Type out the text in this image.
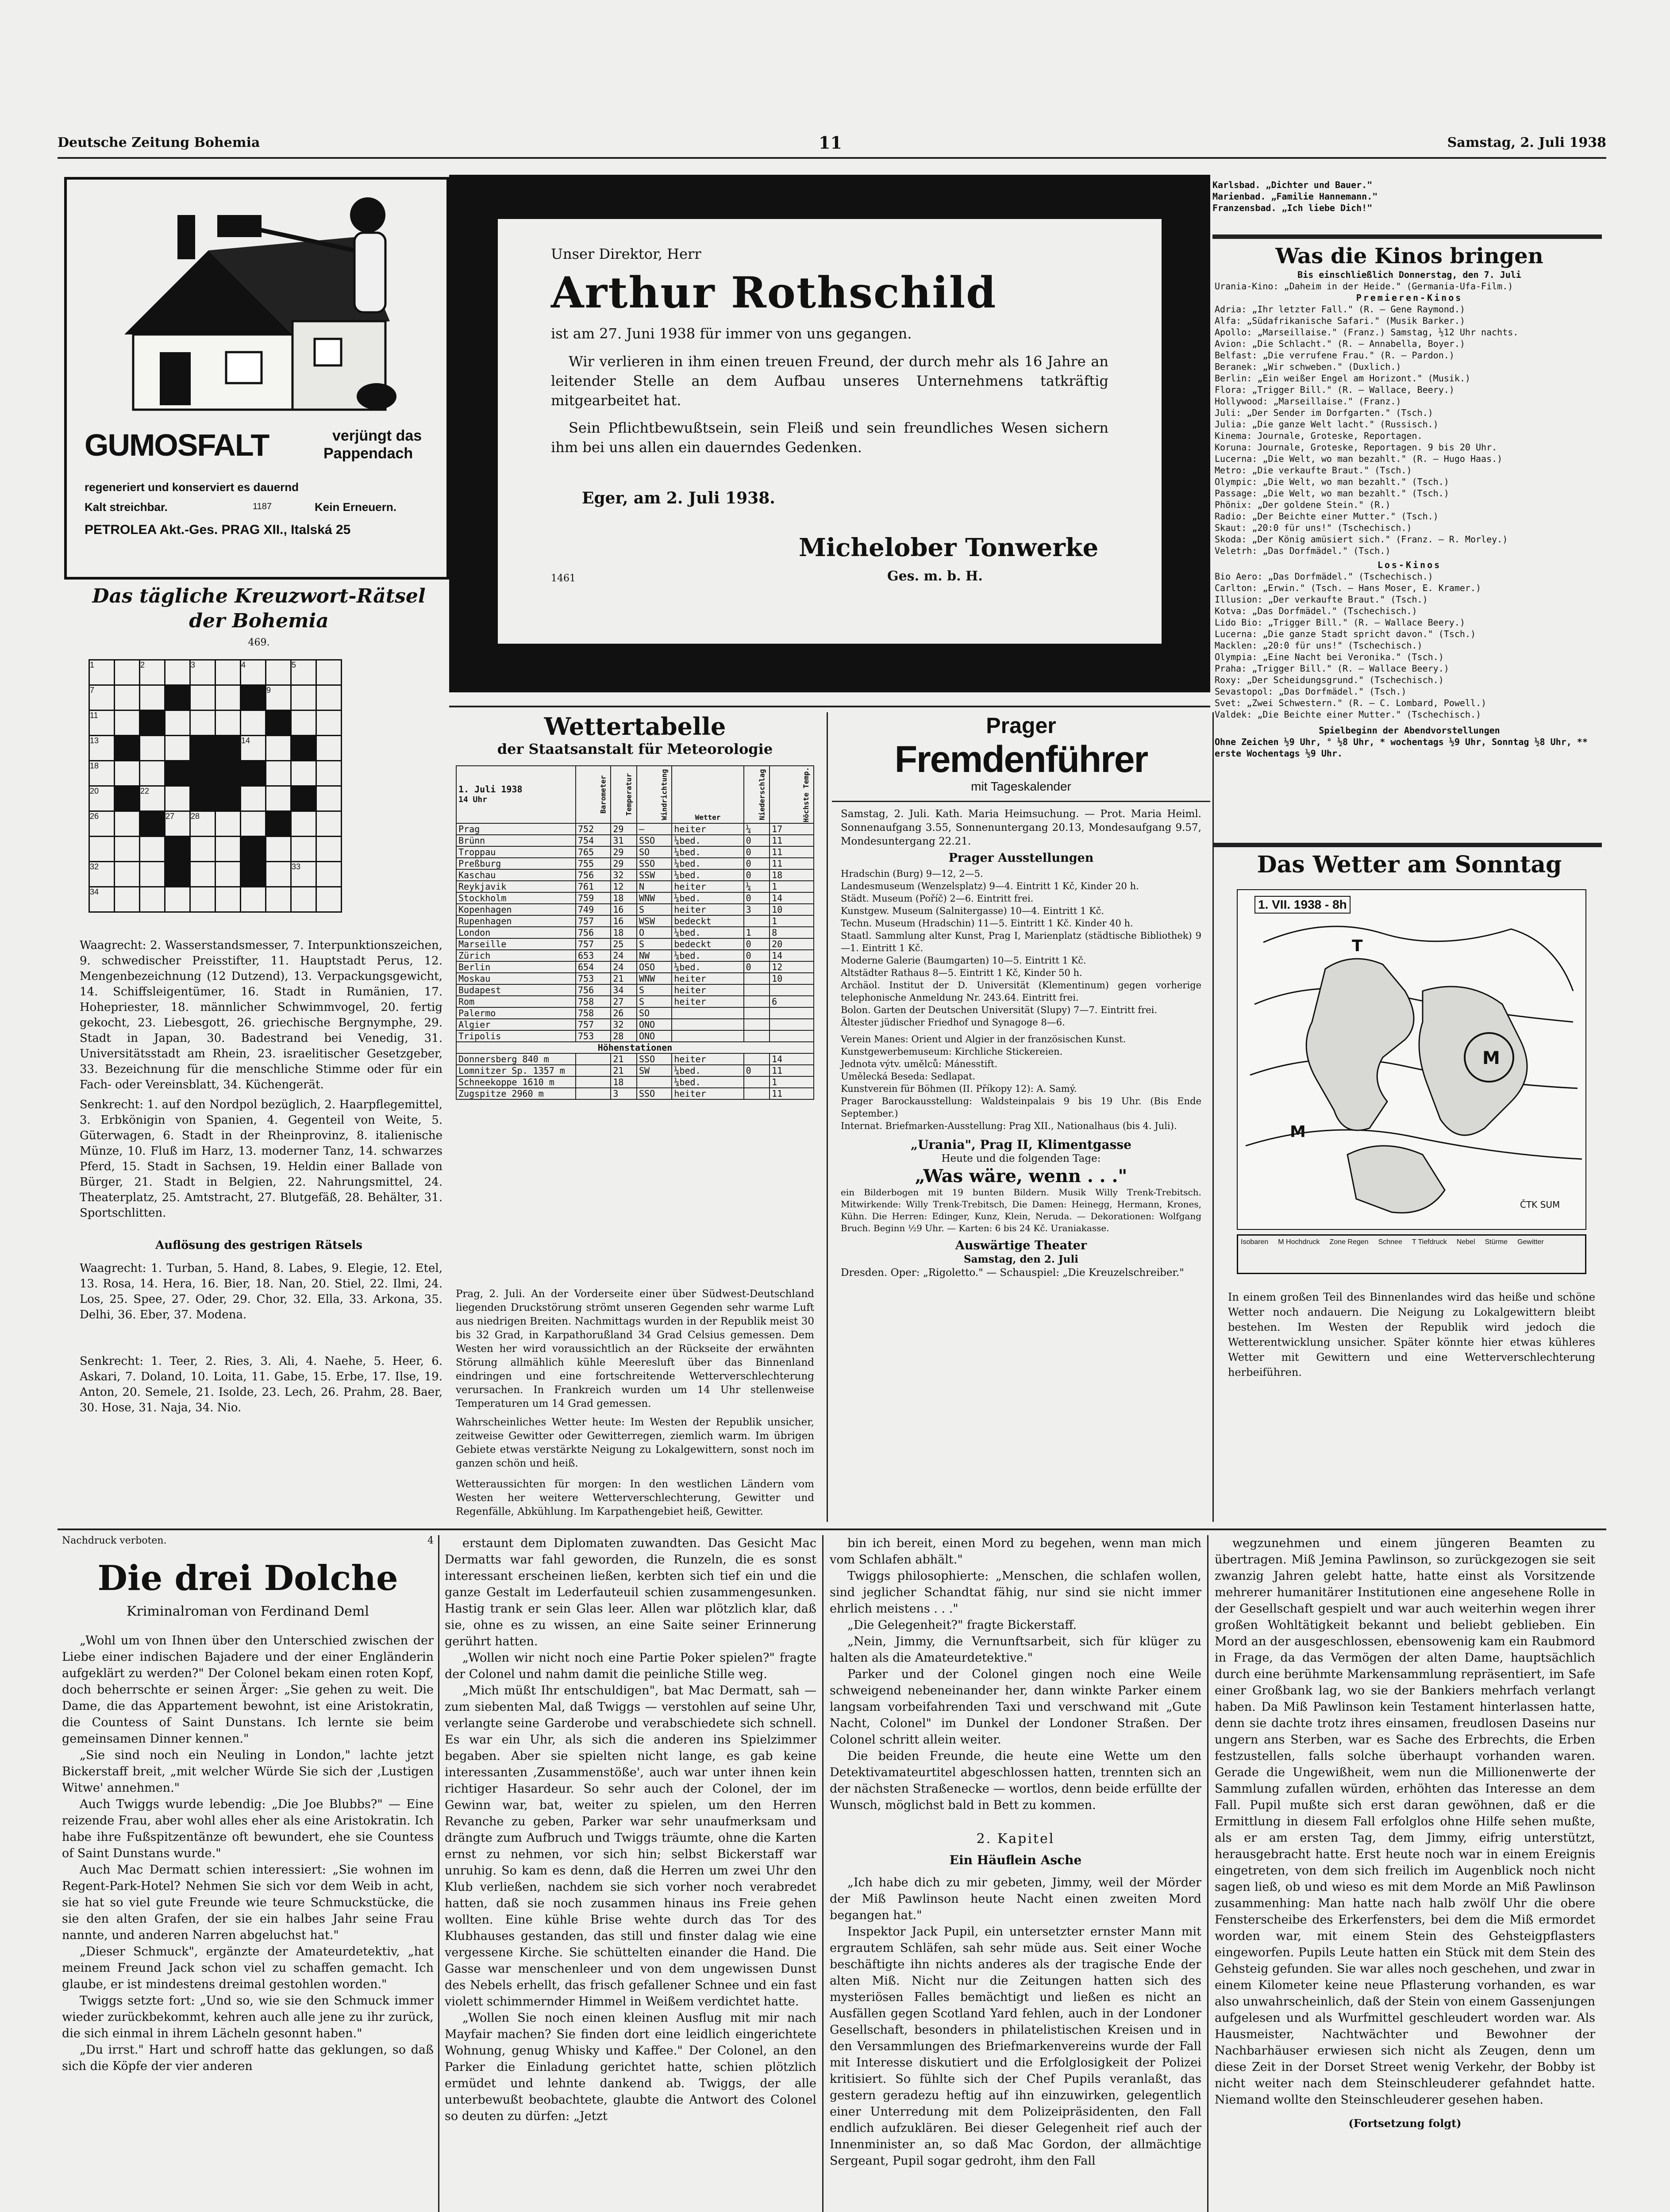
Deutsche Zeitung Bohemia	11	Samstag, 2. Juli 1938
GUMOSFALT	verjüngt das
Pappendach
regeneriert und konserviert es dauernd
Kalt streichbar.	1187	Kein Erneuern.
PETROLEA Akt.-Ges. PRAG XII., Italská 25
Das tägliche Kreuzwort-Rätsel der Bohemia
469.
1		2		3		4		5	
7							9		
11									
13						14			
18									
20	21	22							
26			27	28					

32								33	
34									

Waagrecht: 2. Wasserstandsmesser, 7. Interpunktionszeichen, 9. schwedischer Preisstifter, 11. Hauptstadt Perus, 12. Mengenbezeichnung (12 Dutzend), 13. Verpackungsgewicht, 14. Schiffsleigentümer, 16. Stadt in Rumänien, 17. Hohepriester, 18. männlicher Schwimmvogel, 20. fertig gekocht, 23. Liebesgott, 26. griechische Bergnymphe, 29. Stadt in Japan, 30. Badestrand bei Venedig, 31. Universitätsstadt am Rhein, 23. israelitischer Gesetzgeber, 33. Bezeichnung für die menschliche Stimme oder für ein Fach- oder Vereinsblatt, 34. Küchengerät.

Senkrecht: 1. auf den Nordpol bezüglich, 2. Haarpflegemittel, 3. Erbkönigin von Spanien, 4. Gegenteil von Weite, 5. Güterwagen, 6. Stadt in der Rheinprovinz, 8. italienische Münze, 10. Fluß im Harz, 13. moderner Tanz, 14. schwarzes Pferd, 15. Stadt in Sachsen, 19. Heldin einer Ballade von Bürger, 21. Stadt in Belgien, 22. Nahrungsmittel, 24. Theaterplatz, 25. Amtstracht, 27. Blutgefäß, 28. Behälter, 31. Sportschlitten.

Auflösung des gestrigen Rätsels

Waagrecht: 1. Turban, 5. Hand, 8. Labes, 9. Elegie, 12. Etel, 13. Rosa, 14. Hera, 16. Bier, 18. Nan, 20. Stiel, 22. Ilmi, 24. Los, 25. Spee, 27. Oder, 29. Chor, 32. Ella, 33. Arkona, 35. Delhi, 36. Eber, 37. Modena.

Senkrecht: 1. Teer, 2. Ries, 3. Ali, 4. Naehe, 5. Heer, 6. Askari, 7. Doland, 10. Loita, 11. Gabe, 15. Erbe, 17. Ilse, 19. Anton, 20. Semele, 21. Isolde, 23. Lech, 26. Prahm, 28. Baer, 30. Hose, 31. Naja, 34. Nio.

Unser Direktor, Herr
Arthur Rothschild
ist am 27. Juni 1938 für immer von uns gegangen.

Wir verlieren in ihm einen treuen Freund, der durch mehr als 16 Jahre an leitender Stelle an dem Aufbau unseres Unternehmens tatkräftig mitgearbeitet hat.

Sein Pflichtbewußtsein, sein Fleiß und sein freundliches Wesen sichern ihm bei uns allen ein dauerndes Gedenken.

Eger, am 2. Juli 1938.
Michelober Tonwerke
Ges. m. b. H.
1461
Karlsbad. „Dichter und Bauer."
Marienbad. „Familie Hannemann."
Franzensbad. „Ich liebe Dich!"
Was die Kinos bringen
Bis einschließlich Donnerstag, den 7. Juli
Urania-Kino: „Daheim in der Heide." (Germania-Ufa-Film.)
Premieren-Kinos

Adria: „Ihr letzter Fall." (R. — Gene Raymond.)

Alfa: „Südafrikanische Safari." (Musik Barker.)

Apollo: „Marseillaise." (Franz.) Samstag, ½12 Uhr nachts.

Avion: „Die Schlacht." (R. — Annabella, Boyer.)

Belfast: „Die verrufene Frau." (R. — Pardon.)

Beranek: „Wir schweben." (Duxlich.)

Berlin: „Ein weißer Engel am Horizont." (Musik.)

Flora: „Trigger Bill." (R. — Wallace, Beery.)

Hollywood: „Marseillaise." (Franz.)

Juli: „Der Sender im Dorfgarten." (Tsch.)

Julia: „Die ganze Welt lacht." (Russisch.)

Kinema: Journale, Groteske, Reportagen.

Koruna: Journale, Groteske, Reportagen. 9 bis 20 Uhr.

Lucerna: „Die Welt, wo man bezahlt." (R. — Hugo Haas.)

Metro: „Die verkaufte Braut." (Tsch.)

Olympic: „Die Welt, wo man bezahlt." (Tsch.)

Passage: „Die Welt, wo man bezahlt." (Tsch.)

Phönix: „Der goldene Stein." (R.)

Radio: „Der Beichte einer Mutter." (Tsch.)

Skaut: „20:0 für uns!" (Tschechisch.)

Skoda: „Der König amüsiert sich." (Franz. — R. Morley.)

Veletrh: „Das Dorfmädel." (Tsch.)

Los-Kinos

Bio Aero: „Das Dorfmädel." (Tschechisch.)

Carlton: „Erwin." (Tsch. — Hans Moser, E. Kramer.)

Illusion: „Der verkaufte Braut." (Tsch.)

Kotva: „Das Dorfmädel." (Tschechisch.)

Lido Bio: „Trigger Bill." (R. — Wallace Beery.)

Lucerna: „Die ganze Stadt spricht davon." (Tsch.)

Macklen: „20:0 für uns!" (Tschechisch.)

Olympia: „Eine Nacht bei Veronika." (Tsch.)

Praha: „Trigger Bill." (R. — Wallace Beery.)

Roxy: „Der Scheidungsgrund." (Tschechisch.)

Sevastopol: „Das Dorfmädel." (Tsch.)

Svet: „Zwei Schwestern." (R. — C. Lombard, Powell.)

Valdek: „Die Beichte einer Mutter." (Tschechisch.)

Spielbeginn der Abendvorstellungen
Ohne Zeichen ½9 Uhr, ° ½8 Uhr, * wochentags ½9 Uhr, Sonntag ½8 Uhr, ** erste Wochentags ½9 Uhr.
Das Wetter am Sonntag
M
M
T
ČTK SUM
1. VII. 1938 - 8h
Isobaren M Hochdruck Zone Regen Schnee T Tiefdruck Nebel Stürme Gewitter

In einem großen Teil des Binnenlandes wird das heiße und schöne Wetter noch andauern. Die Neigung zu Lokalgewittern bleibt bestehen. Im Westen der Republik wird jedoch die Wetterentwicklung unsicher. Später könnte hier etwas kühleres Wetter mit Gewittern und eine Wetterverschlechterung herbeiführen.

Wettertabelle
der Staatsanstalt für Meteorologie
1. Juli 1938
14 Uhr	Barometer	Temperatur	Windrichtung	Wetter	Niederschlag	Höchste Temp.
Prag	752	29	—	heiter	¼	17
Brünn	754	31	SSO	¼bed.	0	11
Troppau	765	29	SO	¼bed.	0	11
Preßburg	755	29	SSO	¼bed.	0	11
Kaschau	756	32	SSW	¼bed.	0	18
Reykjavik	761	12	N	heiter	¼	1
Stockholm	759	18	WNW	¼bed.	0	14
Kopenhagen	749	16	S	heiter	3	10
Rupenhagen	757	16	WSW	bedeckt		1
London	756	18	O	¼bed.	1	8
Marseille	757	25	S	bedeckt	0	20
Zürich	653	24	NW	¼bed.	0	14
Berlin	654	24	OSO	¼bed.	0	12
Moskau	753	21	WNW	heiter		10
Budapest	756	34	S	heiter		
Rom	758	27	S	heiter		6
Palermo	758	26	SO			
Algier	757	32	ONO			
Tripolis	753	28	ONO			
Höhenstationen						
Donnersberg 840 m		21	SSO	heiter		14
Lomnitzer Sp. 1357 m		21	SW	¼bed.	0	11
Schneekoppe 1610 m		18		¼bed.		1
Zugspitze 2960 m		3	SSO	heiter		11

Prag, 2. Juli. An der Vorderseite einer über Südwest-Deutschland liegenden Druckstörung strömt unseren Gegenden sehr warme Luft aus niedrigen Breiten. Nachmittags wurden in der Republik meist 30 bis 32 Grad, in Karpathorußland 34 Grad Celsius gemessen. Dem Westen her wird voraussichtlich an der Rückseite der erwähnten Störung allmählich kühle Meeresluft über das Binnenland eindringen und eine fortschreitende Wetterverschlechterung verursachen. In Frankreich wurden um 14 Uhr stellenweise Temperaturen um 14 Grad gemessen.

Wahrscheinliches Wetter heute: Im Westen der Republik unsicher, zeitweise Gewitter oder Gewitterregen, ziemlich warm. Im übrigen Gebiete etwas verstärkte Neigung zu Lokalgewittern, sonst noch im ganzen schön und heiß.

Wetteraussichten für morgen: In den westlichen Ländern vom Westen her weitere Wetterverschlechterung, Gewitter und Regenfälle, Abkühlung. Im Karpathengebiet heiß, Gewitter.

Prager
Fremdenführer
mit Tageskalender

Samstag, 2. Juli. Kath. Maria Heimsuchung. — Prot. Maria Heiml. Sonnenaufgang 3.55, Sonnenuntergang 20.13, Mondesaufgang 9.57, Mondesuntergang 22.21.

Prager Ausstellungen

Hradschin (Burg) 9—12, 2—5.

Landesmuseum (Wenzelsplatz) 9—4. Eintritt 1 Kč, Kinder 20 h.

Städt. Museum (Poříč) 2—6. Eintritt frei.

Kunstgew. Museum (Salnitergasse) 10—4. Eintritt 1 Kč.

Techn. Museum (Hradschin) 11—5. Eintritt 1 Kč. Kinder 40 h.

Staatl. Sammlung alter Kunst, Prag I, Marienplatz (städtische Bibliothek) 9—1. Eintritt 1 Kč.

Moderne Galerie (Baumgarten) 10—5. Eintritt 1 Kč.

Altstädter Rathaus 8—5. Eintritt 1 Kč, Kinder 50 h.

Archäol. Institut der D. Universität (Klementinum) gegen vorherige telephonische Anmeldung Nr. 243.64. Eintritt frei.

Bolon. Garten der Deutschen Universität (Slupy) 7—7. Eintritt frei.

Ältester jüdischer Friedhof und Synagoge 8—6.

Verein Manes: Orient und Algier in der französischen Kunst.

Kunstgewerbemuseum: Kirchliche Stickereien.

Jednota výtv. umělců: Mánesstift.

Umělecká Beseda: Sedlapat.

Kunstverein für Böhmen (II. Příkopy 12): A. Samý.

Prager Barockausstellung: Waldsteinpalais 9 bis 19 Uhr. (Bis Ende September.)

Internat. Briefmarken-Ausstellung: Prag XII., Nationalhaus (bis 4. Juli).

„Urania", Prag II, Klimentgasse

Heute und die folgenden Tage:

„Was wäre, wenn . . ."

ein Bilderbogen mit 19 bunten Bildern. Musik Willy Trenk-Trebitsch. Mitwirkende: Willy Trenk-Trebitsch, Die Damen: Heinegg, Hermann, Krones, Kühn. Die Herren: Edinger, Kunz, Klein, Neruda. — Dekorationen: Wolfgang Bruch. Beginn ½9 Uhr. — Karten: 6 bis 24 Kč. Uraniakasse.

Auswärtige Theater

Samstag, den 2. Juli

Dresden. Oper: „Rigoletto." — Schauspiel: „Die Kreuzelschreiber."

Nachdruck verboten.	4
Die drei Dolche
Kriminalroman von Ferdinand Deml

„Wohl um von Ihnen über den Unterschied zwischen der Liebe einer indischen Bajadere und der einer Engländerin aufgeklärt zu werden?" Der Colonel bekam einen roten Kopf, doch beherrschte er seinen Ärger: „Sie gehen zu weit. Die Dame, die das Appartement bewohnt, ist eine Aristokratin, die Countess of Saint Dunstans. Ich lernte sie beim gemeinsamen Dinner kennen."

„Sie sind noch ein Neuling in London," lachte jetzt Bickerstaff breit, „mit welcher Würde Sie sich der ‚Lustigen Witwe' annehmen."

Auch Twiggs wurde lebendig: „Die Joe Blubbs?" — Eine reizende Frau, aber wohl alles eher als eine Aristokratin. Ich habe ihre Fußspitzentänze oft bewundert, ehe sie Countess of Saint Dunstans wurde."

Auch Mac Dermatt schien interessiert: „Sie wohnen im Regent-Park-Hotel? Nehmen Sie sich vor dem Weib in acht, sie hat so viel gute Freunde wie teure Schmuckstücke, die sie den alten Grafen, der sie ein halbes Jahr seine Frau nannte, und anderen Narren abgeluchst hat."

„Dieser Schmuck", ergänzte der Amateurdetektiv, „hat meinem Freund Jack schon viel zu schaffen gemacht. Ich glaube, er ist mindestens dreimal gestohlen worden."

Twiggs setzte fort: „Und so, wie sie den Schmuck immer wieder zurückbekommt, kehren auch alle jene zu ihr zurück, die sich einmal in ihrem Lächeln gesonnt haben."

„Du irrst." Hart und schroff hatte das geklungen, so daß sich die Köpfe der vier anderen

erstaunt dem Diplomaten zuwandten. Das Gesicht Mac Dermatts war fahl geworden, die Runzeln, die es sonst interessant erscheinen ließen, kerbten sich tief ein und die ganze Gestalt im Lederfauteuil schien zusammengesunken. Hastig trank er sein Glas leer. Allen war plötzlich klar, daß sie, ohne es zu wissen, an eine Saite seiner Erinnerung gerührt hatten.

„Wollen wir nicht noch eine Partie Poker spielen?" fragte der Colonel und nahm damit die peinliche Stille weg.

„Mich müßt Ihr entschuldigen", bat Mac Dermatt, sah — zum siebenten Mal, daß Twiggs — verstohlen auf seine Uhr, verlangte seine Garderobe und verabschiedete sich schnell. Es war ein Uhr, als sich die anderen ins Spielzimmer begaben. Aber sie spielten nicht lange, es gab keine interessanten ‚Zusammenstöße', auch war unter ihnen kein richtiger Hasardeur. So sehr auch der Colonel, der im Gewinn war, bat, weiter zu spielen, um den Herren Revanche zu geben, Parker war sehr unaufmerksam und drängte zum Aufbruch und Twiggs träumte, ohne die Karten ernst zu nehmen, vor sich hin; selbst Bickerstaff war unruhig. So kam es denn, daß die Herren um zwei Uhr den Klub verließen, nachdem sie sich vorher noch verabredet hatten, daß sie noch zusammen hinaus ins Freie gehen wollten. Eine kühle Brise wehte durch das Tor des Klubhauses gestanden, das still und finster dalag wie eine vergessene Kirche. Sie schüttelten einander die Hand. Die Gasse war menschenleer und von dem ungewissen Dunst des Nebels erhellt, das frisch gefallener Schnee und ein fast violett schimmernder Himmel in Weißem verdichtet hatte.

„Wollen Sie noch einen kleinen Ausflug mit mir nach Mayfair machen? Sie finden dort eine leidlich eingerichtete Wohnung, genug Whisky und Kaffee." Der Colonel, an den Parker die Einladung gerichtet hatte, schien plötzlich ermüdet und lehnte dankend ab. Twiggs, der alle unterbewußt beobachtete, glaubte die Antwort des Colonel so deuten zu dürfen: „Jetzt

bin ich bereit, einen Mord zu begehen, wenn man mich vom Schlafen abhält."

Twiggs philosophierte: „Menschen, die schlafen wollen, sind jeglicher Schandtat fähig, nur sind sie nicht immer ehrlich meistens . . ."

„Die Gelegenheit?" fragte Bickerstaff.

„Nein, Jimmy, die Vernunftsarbeit, sich für klüger zu halten als die Amateurdetektive."

Parker und der Colonel gingen noch eine Weile schweigend nebeneinander her, dann winkte Parker einem langsam vorbeifahrenden Taxi und verschwand mit „Gute Nacht, Colonel" im Dunkel der Londoner Straßen. Der Colonel schritt allein weiter.

Die beiden Freunde, die heute eine Wette um den Detektivamateurtitel abgeschlossen hatten, trennten sich an der nächsten Straßenecke — wortlos, denn beide erfüllte der Wunsch, möglichst bald in Bett zu kommen.

2. Kapitel
Ein Häuflein Asche

„Ich habe dich zu mir gebeten, Jimmy, weil der Mörder der Miß Pawlinson heute Nacht einen zweiten Mord begangen hat."

Inspektor Jack Pupil, ein untersetzter ernster Mann mit ergrautem Schläfen, sah sehr müde aus. Seit einer Woche beschäftigte ihn nichts anderes als der tragische Ende der alten Miß. Nicht nur die Zeitungen hatten sich des mysteriösen Falles bemächtigt und ließen es nicht an Ausfällen gegen Scotland Yard fehlen, auch in der Londoner Gesellschaft, besonders in philatelistischen Kreisen und in den Versammlungen des Briefmarkenvereins wurde der Fall mit Interesse diskutiert und die Erfolglosigkeit der Polizei kritisiert. So fühlte sich der Chef Pupils veranlaßt, das gestern geradezu heftig auf ihn einzuwirken, gelegentlich einer Unterredung mit dem Polizeipräsidenten, den Fall endlich aufzuklären. Bei dieser Gelegenheit rief auch der Innenminister an, so daß Mac Gordon, der allmächtige Sergeant, Pupil sogar gedroht, ihm den Fall

wegzunehmen und einem jüngeren Beamten zu übertragen. Miß Jemina Pawlinson, so zurückgezogen sie seit zwanzig Jahren gelebt hatte, hatte einst als Vorsitzende mehrerer humanitärer Institutionen eine angesehene Rolle in der Gesellschaft gespielt und war auch weiterhin wegen ihrer großen Wohltätigkeit bekannt und beliebt geblieben. Ein Mord an der ausgeschlossen, ebensowenig kam ein Raubmord in Frage, da das Vermögen der alten Dame, hauptsächlich durch eine berühmte Markensammlung repräsentiert, im Safe einer Großbank lag, wo sie der Bankiers mehrfach verlangt haben. Da Miß Pawlinson kein Testament hinterlassen hatte, denn sie dachte trotz ihres einsamen, freudlosen Daseins nur ungern ans Sterben, war es Sache des Erbrechts, die Erben festzustellen, falls solche überhaupt vorhanden waren. Gerade die Ungewißheit, wem nun die Millionenwerte der Sammlung zufallen würden, erhöhten das Interesse an dem Fall. Pupil mußte sich erst daran gewöhnen, daß er die Ermittlung in diesem Fall erfolglos ohne Hilfe sehen mußte, als er am ersten Tag, dem Jimmy, eifrig unterstützt, herausgebracht hatte. Erst heute noch war in einem Ereignis eingetreten, von dem sich freilich im Augenblick noch nicht sagen ließ, ob und wieso es mit dem Morde an Miß Pawlinson zusammenhing: Man hatte nach halb zwölf Uhr die obere Fensterscheibe des Erkerfensters, bei dem die Miß ermordet worden war, mit einem Stein des Gehsteigpflasters eingeworfen. Pupils Leute hatten ein Stück mit dem Stein des Gehsteig gefunden. Sie war alles noch geschehen, und zwar in einem Kilometer keine neue Pflasterung vorhanden, es war also unwahrscheinlich, daß der Stein von einem Gassenjungen aufgelesen und als Wurfmittel geschleudert worden war. Als Hausmeister, Nachtwächter und Bewohner der Nachbarhäuser erwiesen sich nicht als Zeugen, denn um diese Zeit in der Dorset Street wenig Verkehr, der Bobby ist nicht weiter nach dem Steinschleuderer gefahndet hatte. Niemand wollte den Steinschleuderer gesehen haben.

(Fortsetzung folgt)
